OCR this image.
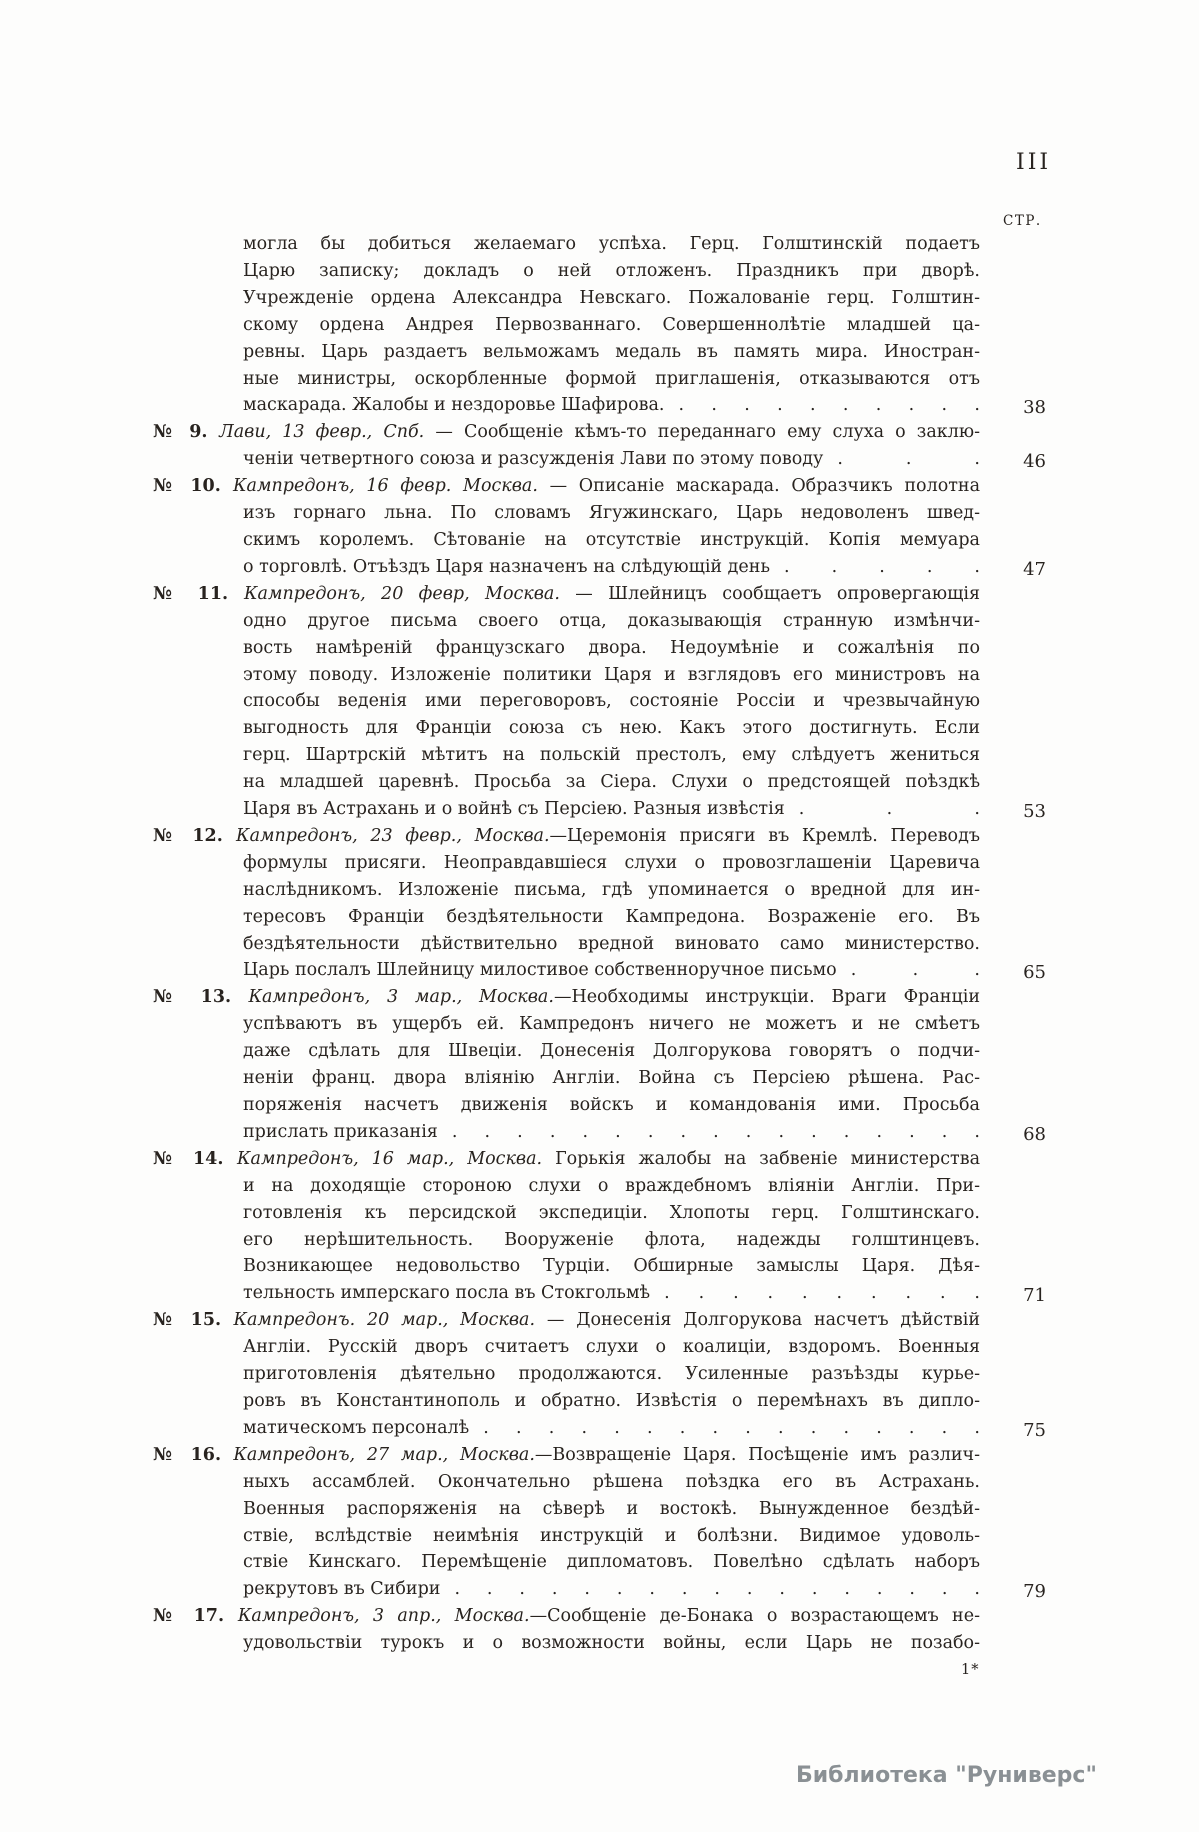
III
СТР.
могла бы добиться желаемаго успѣха. Герц. Голштинскій подаетъ
Царю записку; докладъ о ней отложенъ. Праздникъ при дворѣ.
Учрежденіе ордена Александра Невскаго. Пожалованіе герц. Голштин-
скому ордена Андрея Первозваннаго. Совершеннолѣтіе младшей ца-
ревны. Царь раздаетъ вельможамъ медаль въ память мира. Иностран-
ные министры, оскорбленные формой приглашенія, отказываются отъ
маскарада. Жалобы и нездоровье Шафирова. . . . . . . . . . . 38
№ 9. Лави, 13 февр., Спб. — Сообщеніе кѣмъ-то переданнаго ему слуха о заклю-
ченіи четвертного союза и разсужденія Лави по этому поводу . . . 46
№ 10. Кампредонъ, 16 февр. Москва. — Описаніе маскарада. Образчикъ полотна
изъ горнаго льна. По словамъ Ягужинскаго, Царь недоволенъ швед-
скимъ королемъ. Сѣтованіе на отсутствіе инструкцій. Копія мемуара
о торговлѣ. Отъѣздъ Царя назначенъ на слѣдующій день . . . . . 47
№ 11. Кампредонъ, 20 февр, Москва. — Шлейницъ сообщаетъ опровергающія
одно другое письма своего отца, доказывающія странную измѣнчи-
вость намѣреній французскаго двора. Недоумѣніе и сожалѣнія по
этому поводу. Изложеніе политики Царя и взглядовъ его министровъ на
способы веденія ими переговоровъ, состояніе Россіи и чрезвычайную
выгодность для Франціи союза съ нею. Какъ этого достигнуть. Если
герц. Шартрскій мѣтитъ на польскій престолъ, ему слѣдуетъ жениться
на младшей царевнѣ. Просьба за Сіера. Слухи о предстоящей поѣздкѣ
Царя въ Астрахань и о войнѣ съ Персіею. Разныя извѣстія . . . 53
№ 12. Кампредонъ, 23 февр., Москва.—Церемонія присяги въ Кремлѣ. Переводъ
формулы присяги. Неоправдавшіеся слухи о провозглашеніи Царевича
наслѣдникомъ. Изложеніе письма, гдѣ упоминается о вредной для ин-
тересовъ Франціи бездѣятельности Кампредона. Возраженіе его. Въ
бездѣятельности дѣйствительно вредной виновато само министерство.
Царь послалъ Шлейницу милостивое собственноручное письмо . . . 65
№ 13. Кампредонъ, 3 мар., Москва.—Необходимы инструкціи. Враги Франціи
успѣваютъ въ ущербъ ей. Кампредонъ ничего не можетъ и не смѣетъ
даже сдѣлать для Швеціи. Донесенія Долгорукова говорятъ о подчи-
неніи франц. двора вліянію Англіи. Война съ Персіею рѣшена. Рас-
поряженія насчетъ движенія войскъ и командованія ими. Просьба
прислать приказанія . . . . . . . . . . . . . . . . . 68
№ 14. Кампредонъ, 16 мар., Москва. Горькія жалобы на забвеніе министерства
и на доходящіе стороною слухи о враждебномъ вліяніи Англіи. При-
готовленія къ персидской экспедиціи. Хлопоты герц. Голштинскаго.
его нерѣшительность. Вооруженіе флота, надежды голштинцевъ.
Возникающее недовольство Турціи. Обширные замыслы Царя. Дѣя-
тельность имперскаго посла въ Стокгольмѣ . . . . . . . . . . 71
№ 15. Кампредонъ. 20 мар., Москва. — Донесенія Долгорукова насчетъ дѣйствій
Англіи. Русскій дворъ считаетъ слухи о коалиціи, вздоромъ. Военныя
приготовленія дѣятельно продолжаются. Усиленные разъѣзды курье-
ровъ въ Константинополь и обратно. Извѣстія о перемѣнахъ въ дипло-
матическомъ персоналѣ . . . . . . . . . . . . . . . . 75
№ 16. Кампредонъ, 27 мар., Москва.—Возвращеніе Царя. Посѣщеніе имъ различ-
ныхъ ассамблей. Окончательно рѣшена поѣздка его въ Астрахань.
Военныя распоряженія на сѣверѣ и востокѣ. Вынужденное бездѣй-
ствіе, вслѣдствіе неимѣнія инструкцій и болѣзни. Видимое удоволь-
ствіе Кинскаго. Перемѣщеніе дипломатовъ. Повелѣно сдѣлать наборъ
рекрутовъ въ Сибири . . . . . . . . . . . . . . . . . 79
№ 17. Кампредонъ, 3 апр., Москва.—Сообщеніе де-Бонака о возрастающемъ не-
удовольствіи турокъ и о возможности войны, если Царь не позабо-
1*
Библиотека "Руниверс"
